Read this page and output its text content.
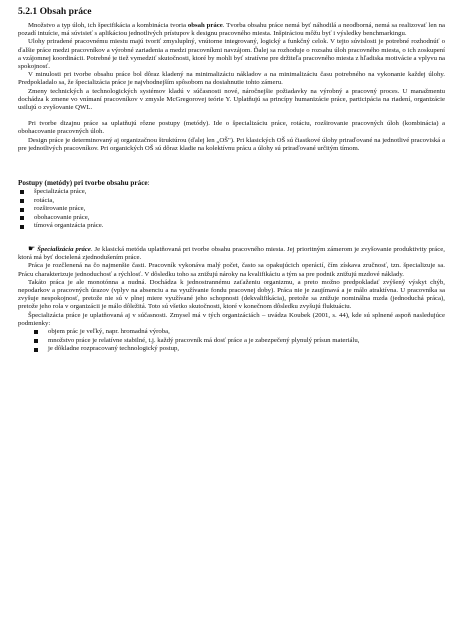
5.2.1 Obsah práce

Množstvo a typ úloh, ich špecifikácia a kombinácia tvoria obsah práce. Tvorba obsahu práce nemá byť náhodilá a neodborná, nemá sa realizovať len na pozadí intuície, má súvisieť s aplikáciou jednotlivých prístupov k designu pracovného miesta. Inšpiráciou môžu byť i výsledky benchmarkingu.

Ulohy priradené pracovnému miestu majú tvoriť zmysluplný, vnútorne integrovaný, logický a funkčný celok. V tejto súvislosti je potrebné rozhodnúť o ďalšie práce medzi pracovníkov a výrobné zariadenia a medzi pracovníkmi navzájom. Ďalej sa rozhoduje o rozsahu úloh pracovného miesta, o ich zoskupení a vzájomnej koordinácii. Potrebné je tiež vymedziť skutočnosti, ktoré by mohli byť stratívne pre držiteľa pracovného miesta z hľadiska motivácie a vplyvu na spokojnosť.

V minulosti pri tvorbe obsahu práce bol dôraz kladený na minimalizáciu nákladov a na minimalizáciu času potrebného na vykonanie každej úlohy. Predpokladalo sa, že špecializácia práce je najvhodnejším spôsobom na dosiahnutie tohto zámeru.

Zmeny technických a technologických systémov kladú v súčasnosti nové, náročnejšie požiadavky na výrobný a pracovný proces. U manažmentu dochádza k zmene vo vnímaní pracovníkov v zmysle McGregorovej teórie Y. Uplatňujú sa princípy humanizácie práce, participácia na riadení, organizácie usilujú o zvyšovanie QWL.

Pri tvorbe dizajnu práce sa uplatňujú rôzne postupy (metódy). Ide o špecializáciu práce, rotáciu, rozširovanie pracovných úloh (kombinácia) a obohacovanie pracovných úloh.

Design práce je determinovaný aj organizačnou štruktúrou (ďalej len „OŠ"). Pri klasických OŠ sú čiastkové úlohy priraďované na jednotlivé pracoviská a pre jednotlivých pracovníkov. Pri organických OŠ sú dôraz kladie na kolektívnu prácu a úlohy sú priraďované určitým tímom.

Postupy (metódy) pri tvorbe obsahu práce:
špecializácia práce,
rotácia,
rozširovanie práce,
obohacovanie práce,
tímová organizácia práce.

☛ Špecializácia práce. Je klasická metóda uplatňovaná pri tvorbe obsahu pracovného miesta. Jej prioritným zámerom je zvyšovanie produktivity práce, ktorá má byť docielená zjednodušením práce.

Práca je rozčlenená na čo najmenšie časti. Pracovník vykonáva malý počet, často sa opakujúcich operácií, čím získava zručnosť, tzn. špecializuje sa. Prácu charakterizuje jednoduchosť a rýchlosť. V dôsledku toho sa znižujú nároky na kvalifikáciu a tým sa pre podnik znižujú mzdové náklady.

Takáto práca je ale monotónna a nudná. Dochádza k jednostrannému zaťaženiu organizmu, a preto možno predpokladať zvýšený výskyt chýb, nepodarkov a pracovných úrazov (vplyv na absenciu a na využívanie fondu pracovnej doby). Práca nie je zaujímavá a je málo atraktívna. U pracovníka sa zvyšuje nespokojnosť, pretože nie sú v plnej miere využívané jeho schopnosti (dekvalifikácia), pretože sa znižuje nominálna mzda (jednoduchá práca), pretože jeho rola v organizácii je málo dôležitá. Toto sú všetko skutočnosti, ktoré v konečnom dôsledku zvyšujú fluktuáciu.

Špecializácia práce je uplatňovaná aj v súčasnosti. Zmysel má v tých organizáciách – uvádza Koubek (2001, s. 44), kde sú splnené aspoň nasledujúce podmienky:

objem prác je veľký, napr. hromadná výroba,
množstvo práce je relatívne stabilné, t.j. každý pracovník má dosť práce a je zabezpečený plynulý prísun materiálu,
je dôkladne rozpracovaný technologický postup,
